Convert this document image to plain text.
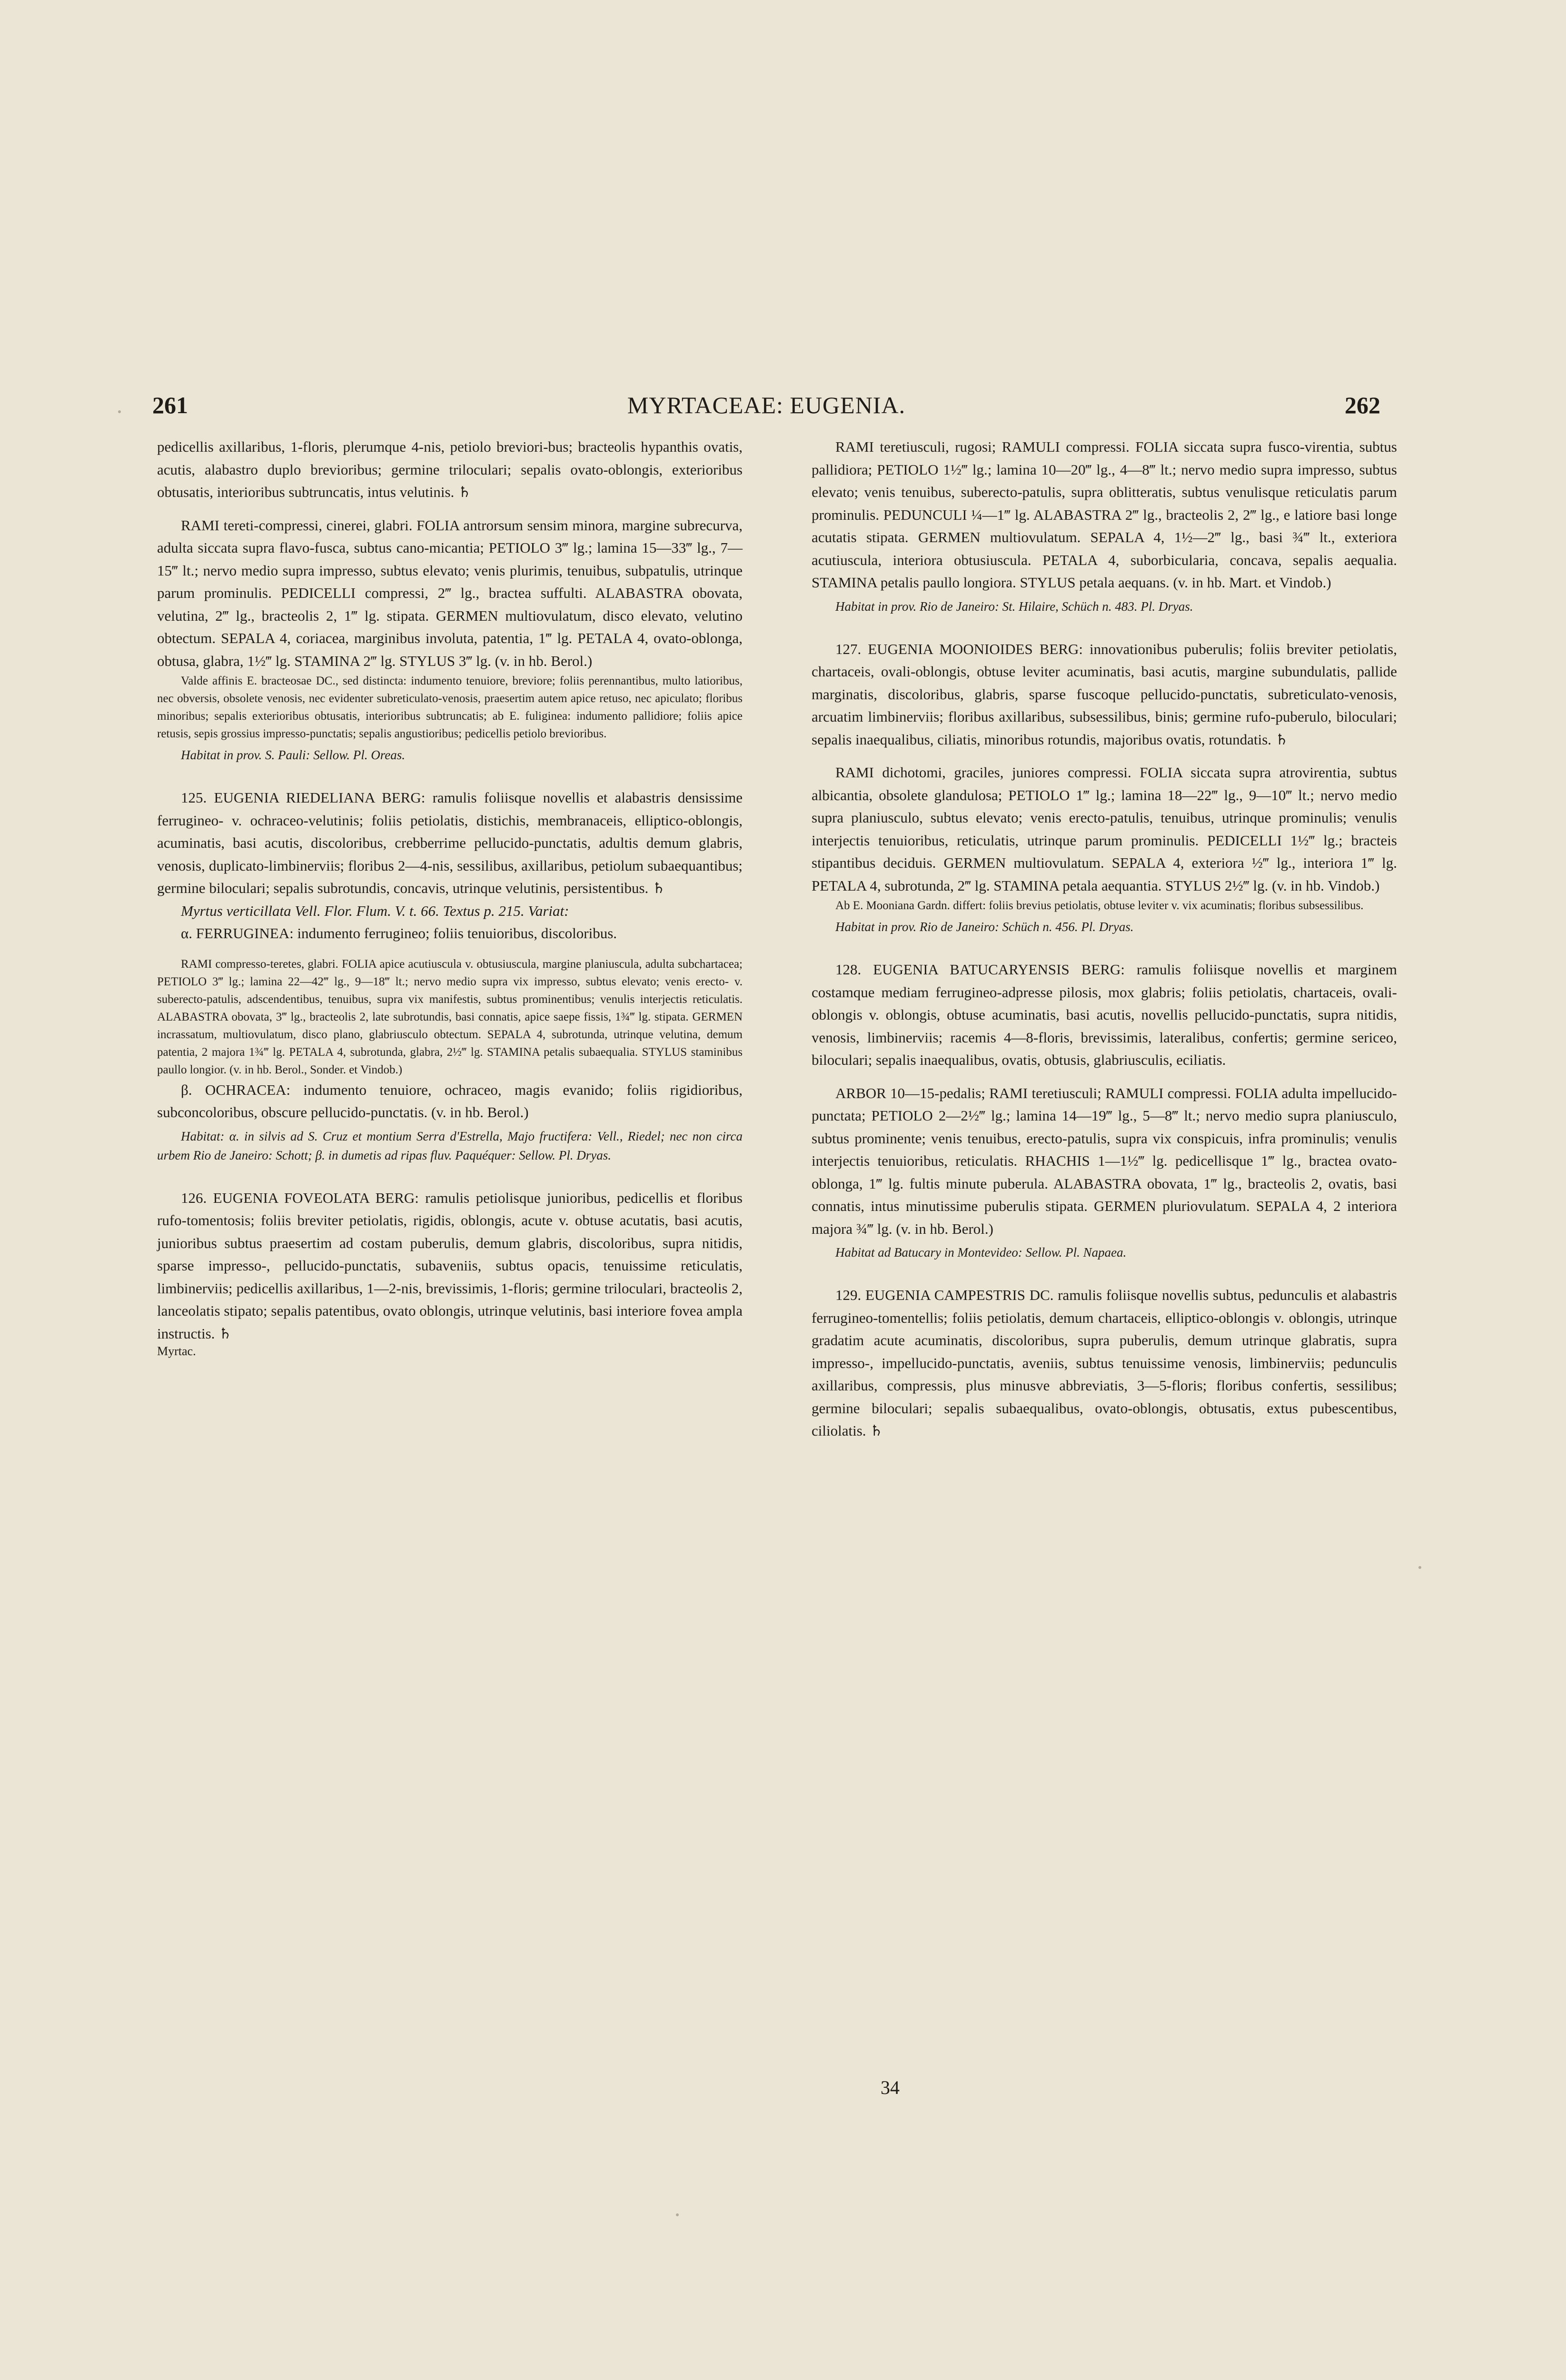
261	MYRTACEAE: EUGENIA.	262

pedicellis axillaribus, 1-floris, plerumque 4-nis, petiolo breviori-bus; bracteolis hypanthis ovatis, acutis, alabastro duplo brevioribus; germine triloculari; sepalis ovato-oblongis, exterioribus obtusatis, interioribus subtruncatis, intus velutinis. ♄

RAMI tereti-compressi, cinerei, glabri. FOLIA antrorsum sensim minora, margine subrecurva, adulta siccata supra flavo-fusca, subtus cano-micantia; PETIOLO 3‴ lg.; lamina 15—33‴ lg., 7—15‴ lt.; nervo medio supra impresso, subtus elevato; venis plurimis, tenuibus, subpatulis, utrinque parum prominulis. PEDICELLI compressi, 2‴ lg., bractea suffulti. ALABASTRA obovata, velutina, 2‴ lg., bracteolis 2, 1‴ lg. stipata. GERMEN multiovulatum, disco elevato, velutino obtectum. SEPALA 4, coriacea, marginibus involuta, patentia, 1‴ lg. PETALA 4, ovato-oblonga, obtusa, glabra, 1½‴ lg. STAMINA 2‴ lg. STYLUS 3‴ lg. (v. in hb. Berol.)

Valde affinis E. bracteosae DC., sed distincta: indumento tenuiore, breviore; foliis perennantibus, multo latioribus, nec obversis, obsolete venosis, nec evidenter subreticulato-venosis, praesertim autem apice retuso, nec apiculato; floribus minoribus; sepalis exterioribus obtusatis, interioribus subtruncatis; ab E. fuliginea: indumento pallidiore; foliis apice retusis, sepis grossius impresso-punctatis; sepalis angustioribus; pedicellis petiolo brevioribus.

Habitat in prov. S. Pauli: Sellow. Pl. Oreas.

125. EUGENIA RIEDELIANA BERG: ramulis foliisque novellis et alabastris densissime ferrugineo- v. ochraceo-velutinis; foliis petiolatis, distichis, membranaceis, elliptico-oblongis, acuminatis, basi acutis, discoloribus, crebberrime pellucido-punctatis, adultis demum glabris, venosis, duplicato-limbinerviis; floribus 2—4-nis, sessilibus, axillaribus, petiolum subaequantibus; germine biloculari; sepalis subrotundis, concavis, utrinque velutinis, persistentibus. ♄

Myrtus verticillata Vell. Flor. Flum. V. t. 66. Textus p. 215. Variat:

α. FERRUGINEA: indumento ferrugineo; foliis tenuioribus, discoloribus.

RAMI compresso-teretes, glabri. FOLIA apice acutiuscula v. obtusiuscula, margine planiuscula, adulta subchartacea; PETIOLO 3‴ lg.; lamina 22—42‴ lg., 9—18‴ lt.; nervo medio supra vix impresso, subtus elevato; venis erecto- v. suberecto-patulis, adscendentibus, tenuibus, supra vix manifestis, subtus prominentibus; venulis interjectis reticulatis. ALABASTRA obovata, 3‴ lg., bracteolis 2, late subrotundis, basi connatis, apice saepe fissis, 1¾‴ lg. stipata. GERMEN incrassatum, multiovulatum, disco plano, glabriusculo obtectum. SEPALA 4, subrotunda, utrinque velutina, demum patentia, 2 majora 1¾‴ lg. PETALA 4, subrotunda, glabra, 2½‴ lg. STAMINA petalis subaequalia. STYLUS staminibus paullo longior. (v. in hb. Berol., Sonder. et Vindob.)

β. OCHRACEA: indumento tenuiore, ochraceo, magis evanido; foliis rigidioribus, subconcoloribus, obscure pellucido-punctatis. (v. in hb. Berol.)

Habitat: α. in silvis ad S. Cruz et montium Serra d'Estrella, Majo fructifera: Vell., Riedel; nec non circa urbem Rio de Janeiro: Schott; β. in dumetis ad ripas fluv. Paquéquer: Sellow. Pl. Dryas.

126. EUGENIA FOVEOLATA BERG: ramulis petiolisque junioribus, pedicellis et floribus rufo-tomentosis; foliis breviter petiolatis, rigidis, oblongis, acute v. obtuse acutatis, basi acutis, junioribus subtus praesertim ad costam puberulis, demum glabris, discoloribus, supra nitidis, sparse impresso-, pellucido-punctatis, subaveniis, subtus opacis, tenuissime reticulatis, limbinerviis; pedicellis axillaribus, 1—2-nis, brevissimis, 1-floris; germine triloculari, bracteolis 2, lanceolatis stipato; sepalis patentibus, ovato oblongis, utrinque velutinis, basi interiore fovea ampla instructis. ♄

Myrtac.

RAMI teretiusculi, rugosi; RAMULI compressi. FOLIA siccata supra fusco-virentia, subtus pallidiora; PETIOLO 1½‴ lg.; lamina 10—20‴ lg., 4—8‴ lt.; nervo medio supra impresso, subtus elevato; venis tenuibus, suberecto-patulis, supra oblitteratis, subtus venulisque reticulatis parum prominulis. PEDUNCULI ¼—1‴ lg. ALABASTRA 2‴ lg., bracteolis 2, 2‴ lg., e latiore basi longe acutatis stipata. GERMEN multiovulatum. SEPALA 4, 1½—2‴ lg., basi ¾‴ lt., exteriora acutiuscula, interiora obtusiuscula. PETALA 4, suborbicularia, concava, sepalis aequalia. STAMINA petalis paullo longiora. STYLUS petala aequans. (v. in hb. Mart. et Vindob.)

Habitat in prov. Rio de Janeiro: St. Hilaire, Schüch n. 483. Pl. Dryas.

127. EUGENIA MOONIOIDES BERG: innovationibus puberulis; foliis breviter petiolatis, chartaceis, ovali-oblongis, obtuse leviter acuminatis, basi acutis, margine subundulatis, pallide marginatis, discoloribus, glabris, sparse fuscoque pellucido-punctatis, subreticulato-venosis, arcuatim limbinerviis; floribus axillaribus, subsessilibus, binis; germine rufo-puberulo, biloculari; sepalis inaequalibus, ciliatis, minoribus rotundis, majoribus ovatis, rotundatis. ♄

RAMI dichotomi, graciles, juniores compressi. FOLIA siccata supra atrovirentia, subtus albicantia, obsolete glandulosa; PETIOLO 1‴ lg.; lamina 18—22‴ lg., 9—10‴ lt.; nervo medio supra planiusculo, subtus elevato; venis erecto-patulis, tenuibus, utrinque prominulis; venulis interjectis tenuioribus, reticulatis, utrinque parum prominulis. PEDICELLI 1½‴ lg.; bracteis stipantibus deciduis. GERMEN multiovulatum. SEPALA 4, exteriora ½‴ lg., interiora 1‴ lg. PETALA 4, subrotunda, 2‴ lg. STAMINA petala aequantia. STYLUS 2½‴ lg. (v. in hb. Vindob.)

Ab E. Mooniana Gardn. differt: foliis brevius petiolatis, obtuse leviter v. vix acuminatis; floribus subsessilibus.

Habitat in prov. Rio de Janeiro: Schüch n. 456. Pl. Dryas.

128. EUGENIA BATUCARYENSIS BERG: ramulis foliisque novellis et marginem costamque mediam ferrugineo-adpresse pilosis, mox glabris; foliis petiolatis, chartaceis, ovali-oblongis v. oblongis, obtuse acuminatis, basi acutis, novellis pellucido-punctatis, supra nitidis, venosis, limbinerviis; racemis 4—8-floris, brevissimis, lateralibus, confertis; germine sericeo, biloculari; sepalis inaequalibus, ovatis, obtusis, glabriusculis, eciliatis.

ARBOR 10—15-pedalis; RAMI teretiusculi; RAMULI compressi. FOLIA adulta impellucido-punctata; PETIOLO 2—2½‴ lg.; lamina 14—19‴ lg., 5—8‴ lt.; nervo medio supra planiusculo, subtus prominente; venis tenuibus, erecto-patulis, supra vix conspicuis, infra prominulis; venulis interjectis tenuioribus, reticulatis. RHACHIS 1—1½‴ lg. pedicellisque 1‴ lg., bractea ovato-oblonga, 1‴ lg. fultis minute puberula. ALABASTRA obovata, 1‴ lg., bracteolis 2, ovatis, basi connatis, intus minutissime puberulis stipata. GERMEN pluriovulatum. SEPALA 4, 2 interiora majora ¾‴ lg. (v. in hb. Berol.)

Habitat ad Batucary in Montevideo: Sellow. Pl. Napaea.

129. EUGENIA CAMPESTRIS DC. ramulis foliisque novellis subtus, pedunculis et alabastris ferrugineo-tomentellis; foliis petiolatis, demum chartaceis, elliptico-oblongis v. oblongis, utrinque gradatim acute acuminatis, discoloribus, supra puberulis, demum utrinque glabratis, supra impresso-, impellucido-punctatis, aveniis, subtus tenuissime venosis, limbinerviis; pedunculis axillaribus, compressis, plus minusve abbreviatis, 3—5-floris; floribus confertis, sessilibus; germine biloculari; sepalis subaequalibus, ovato-oblongis, obtusatis, extus pubescentibus, ciliolatis. ♄

34
